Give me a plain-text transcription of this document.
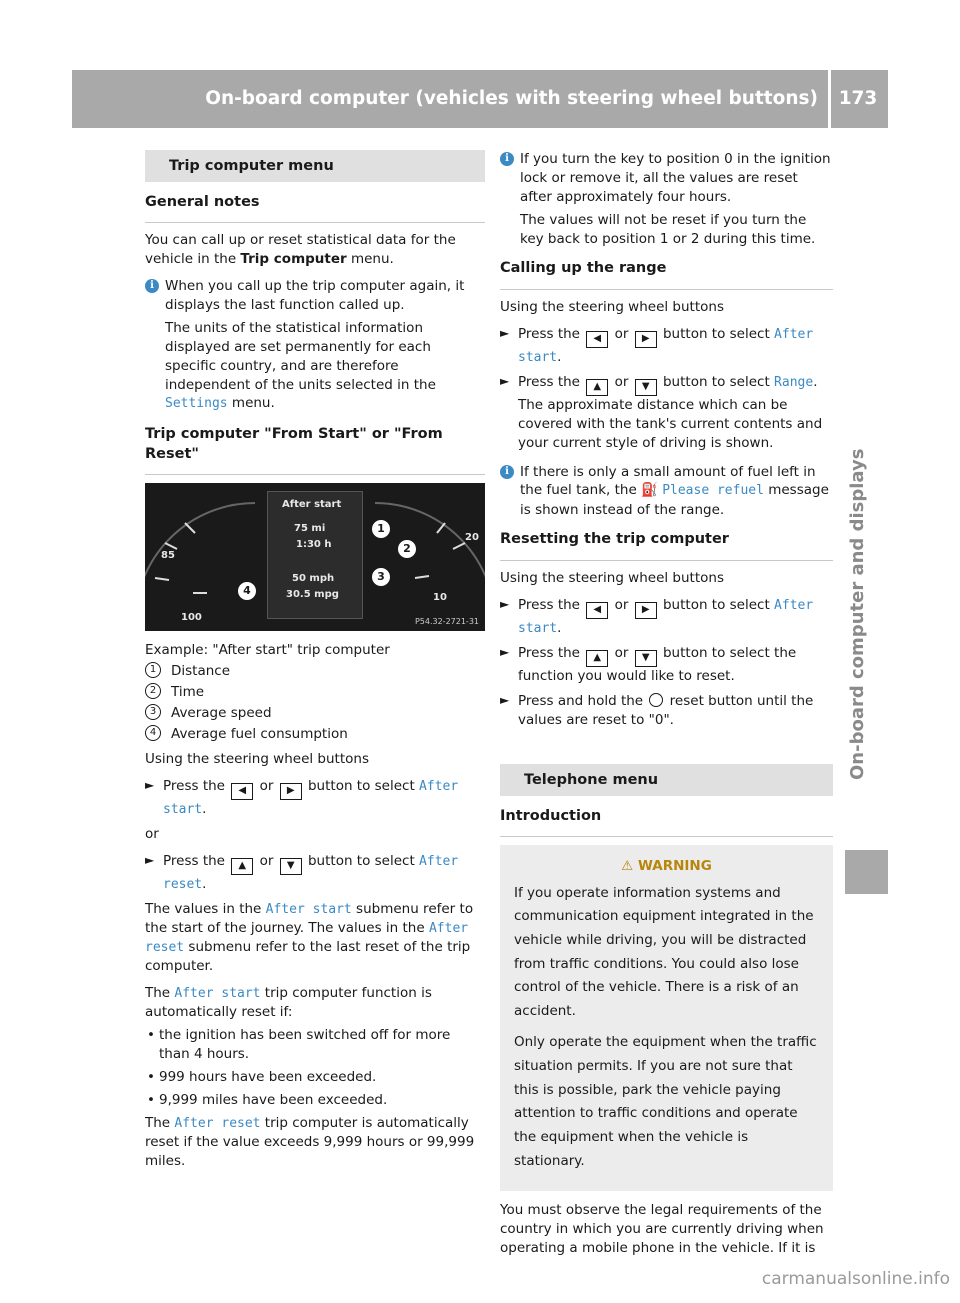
On-board computer (vehicles with steering wheel buttons) 173
On-board computer and displays
Trip computer menu
General notes

You can call up or reset statistical data for the vehicle in the Trip computer menu.

i When you call up the trip computer again, it displays the last function called up.

The units of the statistical information displayed are set permanently for each specific country, and are therefore independent of the units selected in the Settings menu.

Trip computer "From Start" or "From Reset"
85
100
20
10
After start
75 mi
1:30 h
50 mph
30.5 mpg
1
2
3
4
P54.32-2721-31

Example: "After start" trip computer

1	Distance
2	Time
3	Average speed
4	Average fuel consumption

Using the steering wheel buttons

► Press the ◀ or ▶ button to select After start.

or

► Press the ▲ or ▼ button to select After reset.

The values in the After start submenu refer to the start of the journey. The values in the After reset submenu refer to the last reset of the trip computer.

The After start trip computer function is automatically reset if:

• the ignition has been switched off for more than 4 hours.
• 999 hours have been exceeded.
• 9,999 miles have been exceeded.

The After reset trip computer is automatically reset if the value exceeds 9,999 hours or 99,999 miles.

i If you turn the key to position 0 in the ignition lock or remove it, all the values are reset after approximately four hours.

The values will not be reset if you turn the key back to position 1 or 2 during this time.

Calling up the range

Using the steering wheel buttons

► Press the ◀ or ▶ button to select After start.
► Press the ▲ or ▼ button to select Range.
The approximate distance which can be covered with the tank's current contents and your current style of driving is shown.
i If there is only a small amount of fuel left in the fuel tank, the ⛽ Please refuel message is shown instead of the range.

Resetting the trip computer

Using the steering wheel buttons

► Press the ◀ or ▶ button to select After start.
► Press the ▲ or ▼ button to select the function you would like to reset.
► Press and hold the  reset button until the values are reset to "0".
Telephone menu
Introduction
⚠ WARNING

If you operate information systems and communication equipment integrated in the vehicle while driving, you will be distracted from traffic conditions. You could also lose control of the vehicle. There is a risk of an accident.

Only operate the equipment when the traffic situation permits. If you are not sure that this is possible, park the vehicle paying attention to traffic conditions and operate the equipment when the vehicle is stationary.

You must observe the legal requirements of the country in which you are currently driving when operating a mobile phone in the vehicle. If it is

carmanualsonline.info
